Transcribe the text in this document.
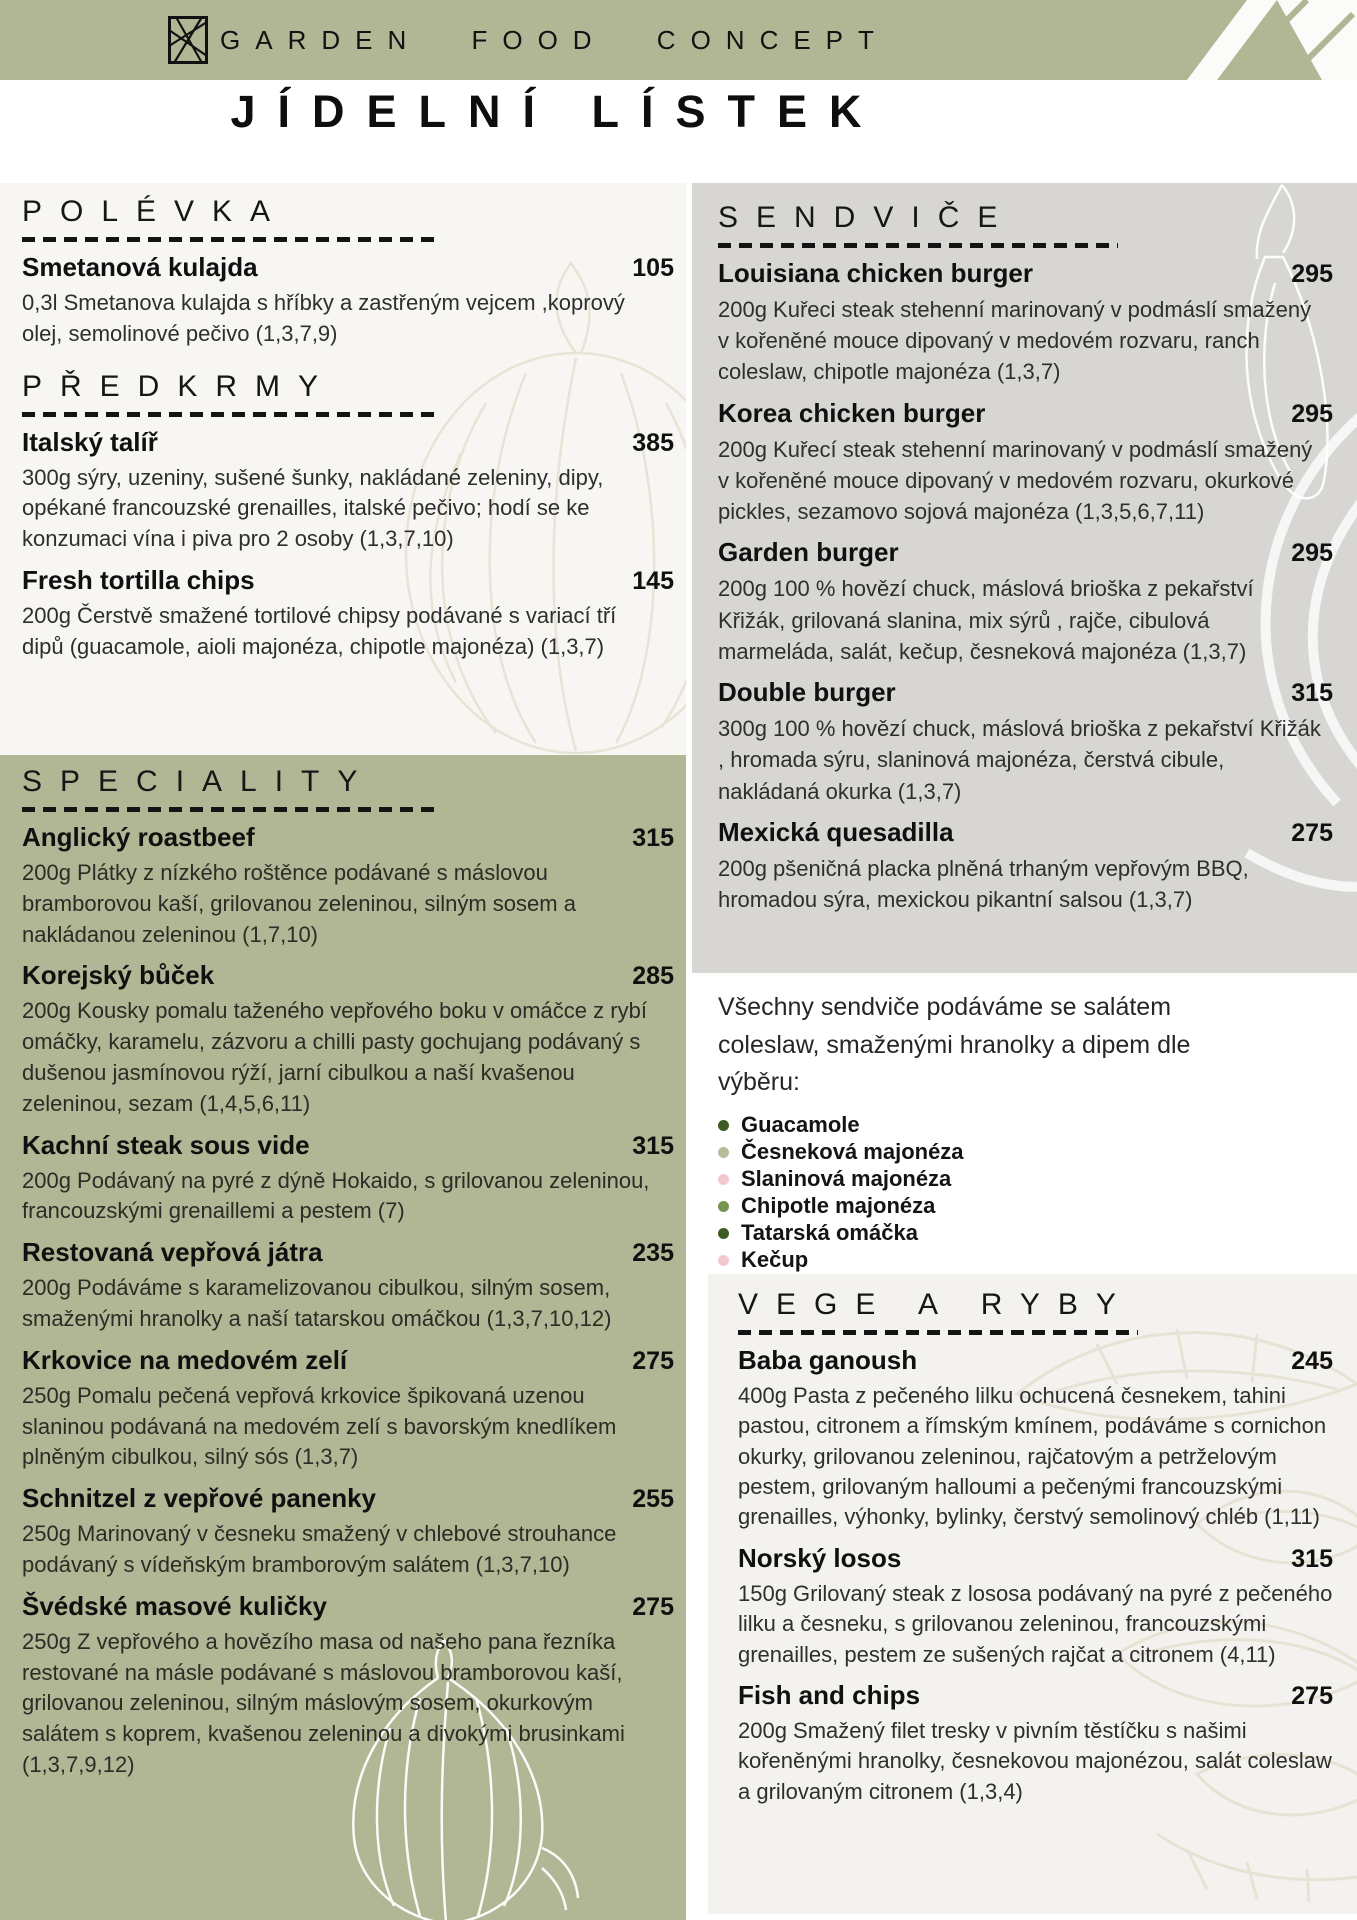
GARDEN FOOD CONCEPT
JÍDELNÍ LÍSTEK
POLÉVKA
Smetanová kulajda	105

0,3l Smetanova kulajda s hříbky a zastřeným vejcem ,koprový olej, semolinové pečivo (1,3,7,9)

PŘEDKRMY
Italský talíř	385

300g sýry, uzeniny, sušené šunky, nakládané zeleniny, dipy, opékané francouzské grenailles, italské pečivo; hodí se ke konzumaci vína i piva pro 2 osoby (1,3,7,10)

Fresh tortilla chips	145

200g Čerstvě smažené tortilové chipsy podávané s variací tří dipů (guacamole, aioli majonéza, chipotle majonéza) (1,3,7)

SPECIALITY
Anglický roastbeef	315

200g Plátky z nízkého roštěnce podávané s máslovou bramborovou kaší, grilovanou zeleninou, silným sosem a nakládanou zeleninou (1,7,10)

Korejský bůček	285

200g Kousky pomalu taženého vepřového boku v omáčce z rybí omáčky, karamelu, zázvoru a chilli pasty gochujang podávaný s dušenou jasmínovou rýží, jarní cibulkou a naší kvašenou zeleninou, sezam (1,4,5,6,11)

Kachní steak sous vide	315

200g Podávaný na pyré z dýně Hokaido, s grilovanou zeleninou, francouzskými grenaillemi a pestem (7)

Restovaná vepřová játra	235

200g Podáváme s karamelizovanou cibulkou, silným sosem, smaženými hranolky a naší tatarskou omáčkou (1,3,7,10,12)

Krkovice na medovém zelí	275

250g Pomalu pečená vepřová krkovice špikovaná uzenou slaninou podávaná na medovém zelí s bavorským knedlíkem plněným cibulkou, silný sós (1,3,7)

Schnitzel z vepřové panenky	255

250g Marinovaný v česneku smažený v chlebové strouhance podávaný s vídeňským bramborovým salátem (1,3,7,10)

Švédské masové kuličky	275

250g Z vepřového a hovězího masa od našeho pana řezníka restované na másle podávané s máslovou bramborovou kaší, grilovanou zeleninou, silným máslovým sosem, okurkovým salátem s koprem, kvašenou zeleninou a divokými brusinkami (1,3,7,9,12)

SENDVIČE
Louisiana chicken burger	295

200g Kuřeci steak stehenní marinovaný v podmáslí smažený v kořeněné mouce dipovaný v medovém rozvaru, ranch coleslaw, chipotle majonéza (1,3,7)

Korea chicken burger	295

200g Kuřecí steak stehenní marinovaný v podmáslí smažený v kořeněné mouce dipovaný v medovém rozvaru, okurkové pickles, sezamovo sojová majonéza (1,3,5,6,7,11)

Garden burger	295

200g 100 % hovězí chuck, máslová brioška z pekařství Křižák, grilovaná slanina, mix sýrů , rajče, cibulová marmeláda, salát, kečup, česneková majonéza (1,3,7)

Double burger	315

300g 100 % hovězí chuck, máslová brioška z pekařství Křižák , hromada sýru, slaninová majonéza, čerstvá cibule, nakládaná okurka (1,3,7)

Mexická quesadilla	275

200g pšeničná placka plněná trhaným vepřovým BBQ, hromadou sýra, mexickou pikantní salsou (1,3,7)

Všechny sendviče podáváme se salátem coleslaw, smaženými hranolky a dipem dle výběru:

Guacamole
Česneková majonéza
Slaninová majonéza
Chipotle majonéza
Tatarská omáčka
Kečup
VEGE A RYBY
Baba ganoush	245

400g Pasta z pečeného lilku ochucená česnekem, tahini pastou, citronem a římským kmínem, podáváme s cornichon okurky, grilovanou zeleninou, rajčatovým a petrželovým pestem, grilovaným halloumi a pečenými francouzskými grenailles, výhonky, bylinky, čerstvý semolinový chléb (1,11)

Norský losos	315

150g Grilovaný steak z lososa podávaný na pyré z pečeného lilku a česneku, s grilovanou zeleninou, francouzskými grenailles, pestem ze sušených rajčat a citronem (4,11)

Fish and chips	275

200g Smažený filet tresky v pivním těstíčku s našimi kořeněnými hranolky, česnekovou majonézou, salát coleslaw a grilovaným citronem (1,3,4)
